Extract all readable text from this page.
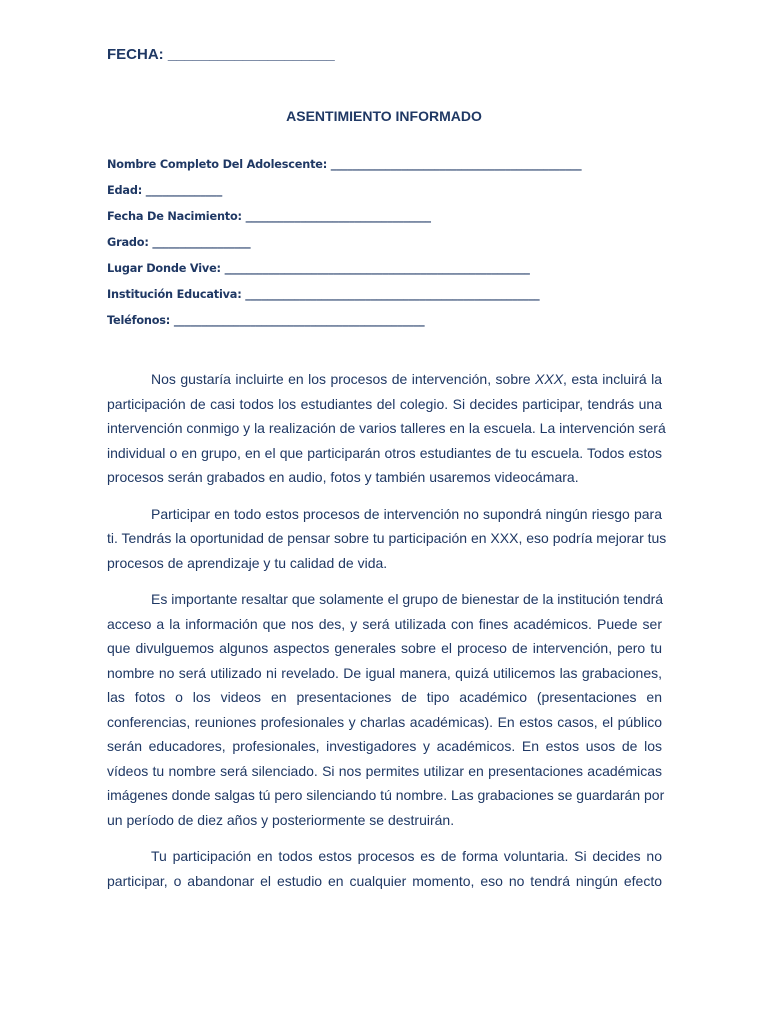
FECHA: ____________________
ASENTIMIENTO INFORMADO
Nombre Completo Del Adolescente: ______________________________________________
Edad: ______________
Fecha De Nacimiento: __________________________________
Grado: __________________
Lugar Donde Vive: ________________________________________________________
Institución Educativa: ______________________________________________________
Teléfonos: ______________________________________________
Nos gustaría incluirte en los procesos de intervención, sobre XXX, esta incluirá la
participación de casi todos los estudiantes del colegio. Si decides participar, tendrás una
intervención conmigo y la realización de varios talleres en la escuela. La intervención será
individual o en grupo, en el que participarán otros estudiantes de tu escuela. Todos estos
procesos serán grabados en audio, fotos y también usaremos videocámara.
Participar en todo estos procesos de intervención no supondrá ningún riesgo para
ti. Tendrás la oportunidad de pensar sobre tu participación en XXX, eso podría mejorar tus
procesos de aprendizaje y tu calidad de vida.
Es importante resaltar que solamente el grupo de bienestar de la institución tendrá
acceso a la información que nos des, y será utilizada con fines académicos. Puede ser
que divulguemos algunos aspectos generales sobre el proceso de intervención, pero tu
nombre no será utilizado ni revelado. De igual manera, quizá utilicemos las grabaciones,
las fotos o los videos en presentaciones de tipo académico (presentaciones en
conferencias, reuniones profesionales y charlas académicas). En estos casos, el público
serán educadores, profesionales, investigadores y académicos. En estos usos de los
vídeos tu nombre será silenciado. Si nos permites utilizar en presentaciones académicas
imágenes donde salgas tú pero silenciando tú nombre. Las grabaciones se guardarán por
un período de diez años y posteriormente se destruirán.
Tu participación en todos estos procesos es de forma voluntaria. Si decides no
participar, o abandonar el estudio en cualquier momento, eso no tendrá ningún efecto
